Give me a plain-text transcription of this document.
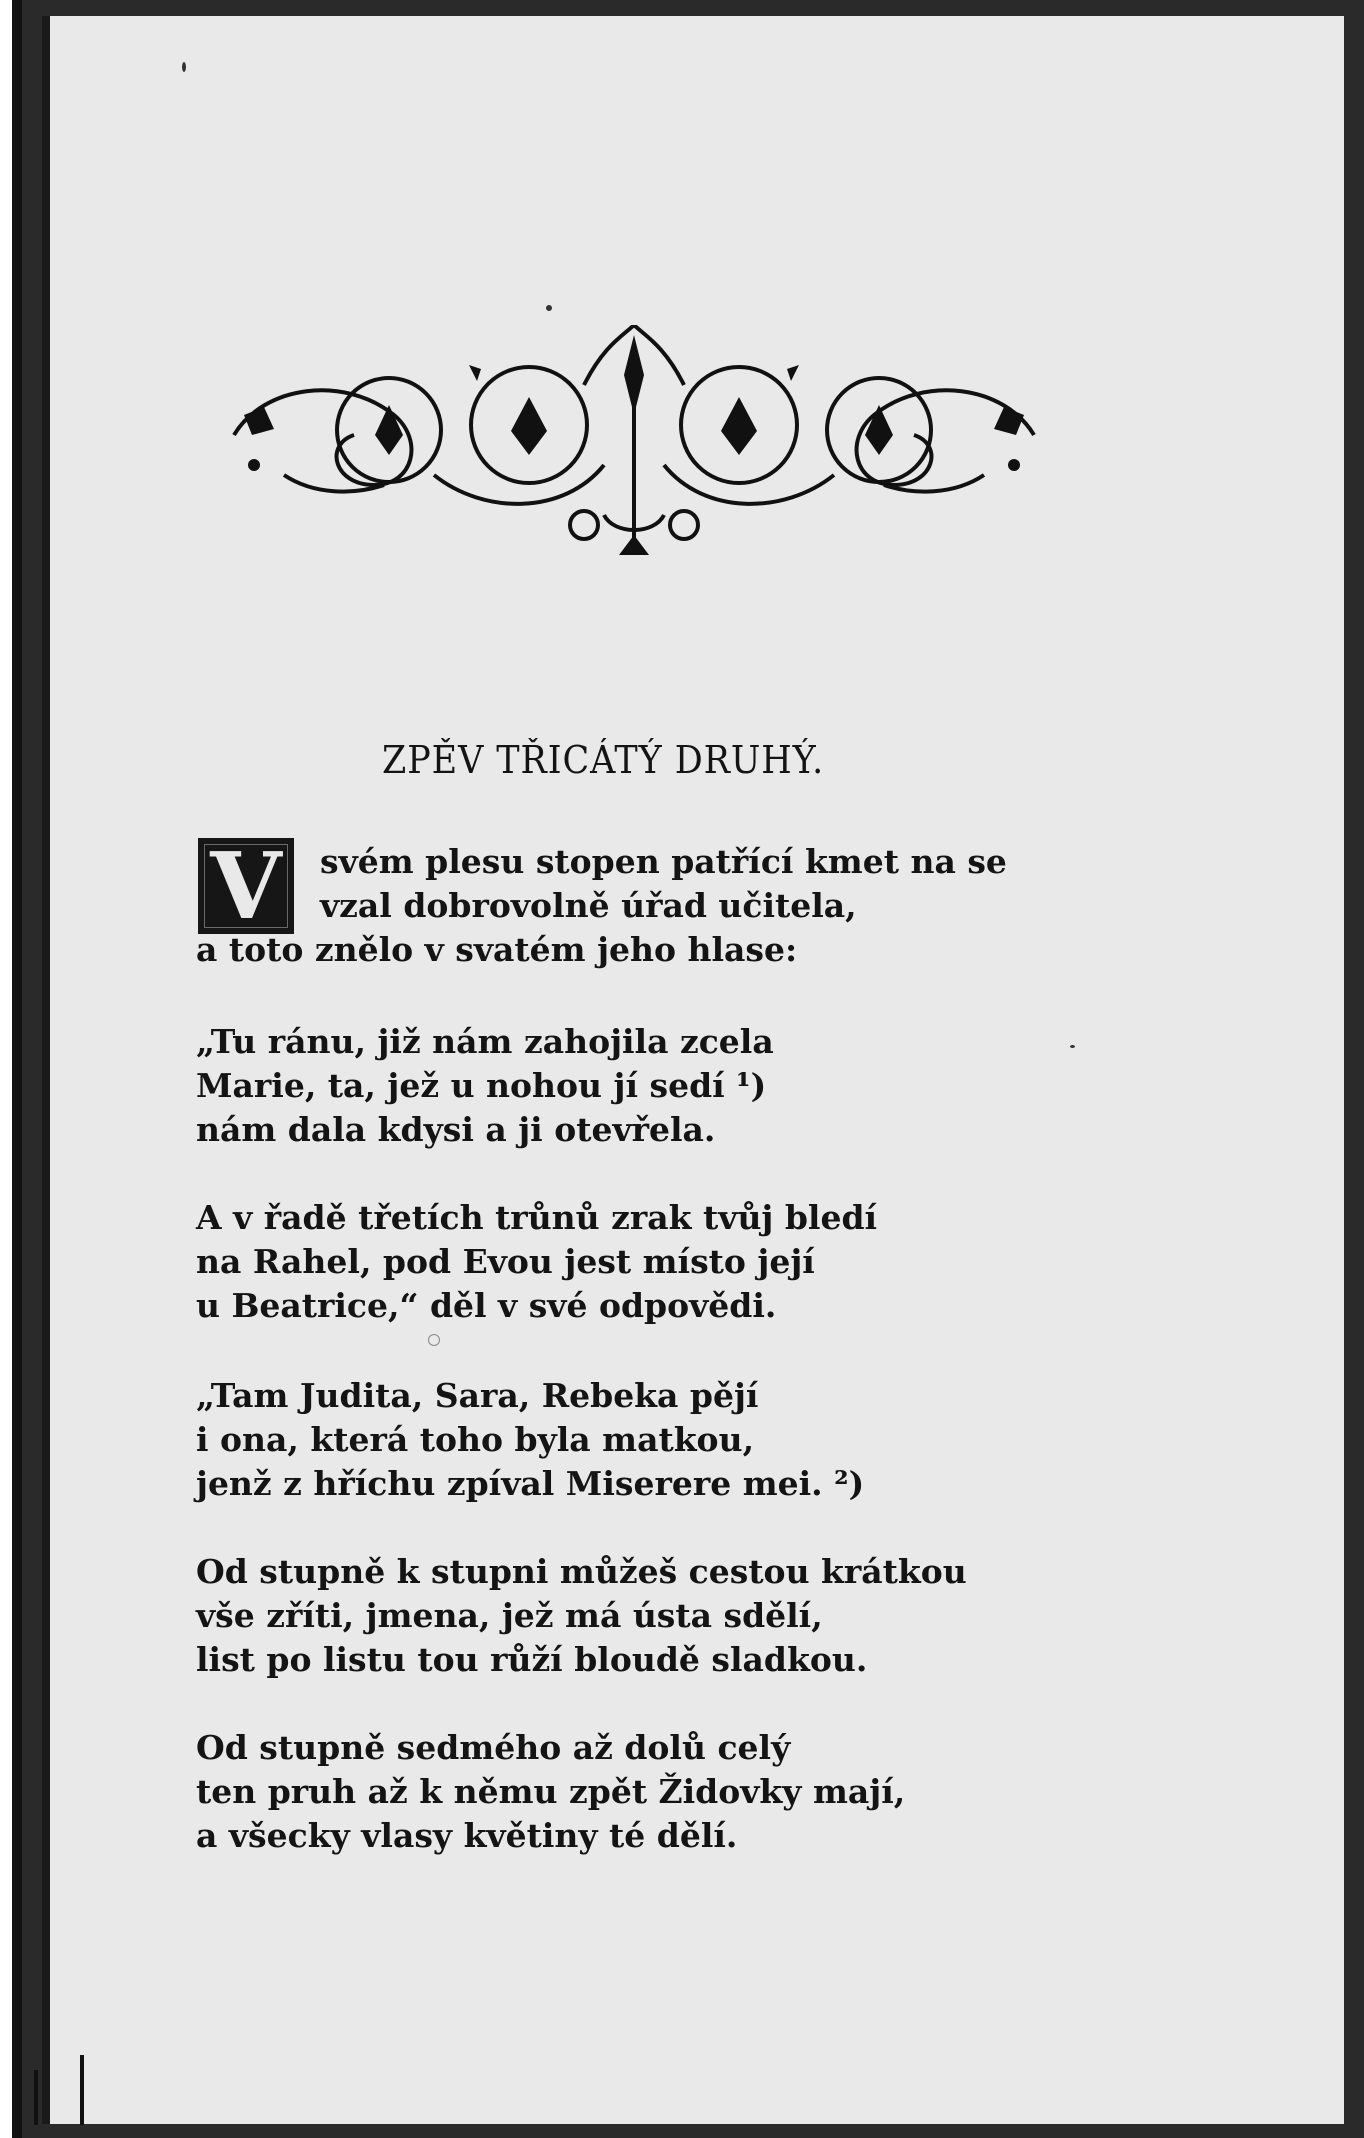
ZPĚV TŘICÁTÝ DRUHÝ.
V	svém plesu stopen patřící kmet na se
vzal dobrovolně úřad učitela,
a toto znělo v svatém jeho hlase:
„Tu ránu, již nám zahojila zcela
Marie, ta, jež u nohou jí sedí ¹)
nám dala kdysi a ji otevřela.
A v řadě třetích trůnů zrak tvůj bledí
na Rahel, pod Evou jest místo její
u Beatrice,“ děl v své odpovědi.
„Tam Judita, Sara, Rebeka pějí
i ona, která toho byla matkou,
jenž z hříchu zpíval Miserere mei. ²)
Od stupně k stupni můžeš cestou krátkou
vše zříti, jmena, jež má ústa sdělí,
list po listu tou růží bloudě sladkou.
Od stupně sedmého až dolů celý
ten pruh až k němu zpět Židovky mají,
a všecky vlasy květiny té dělí.
